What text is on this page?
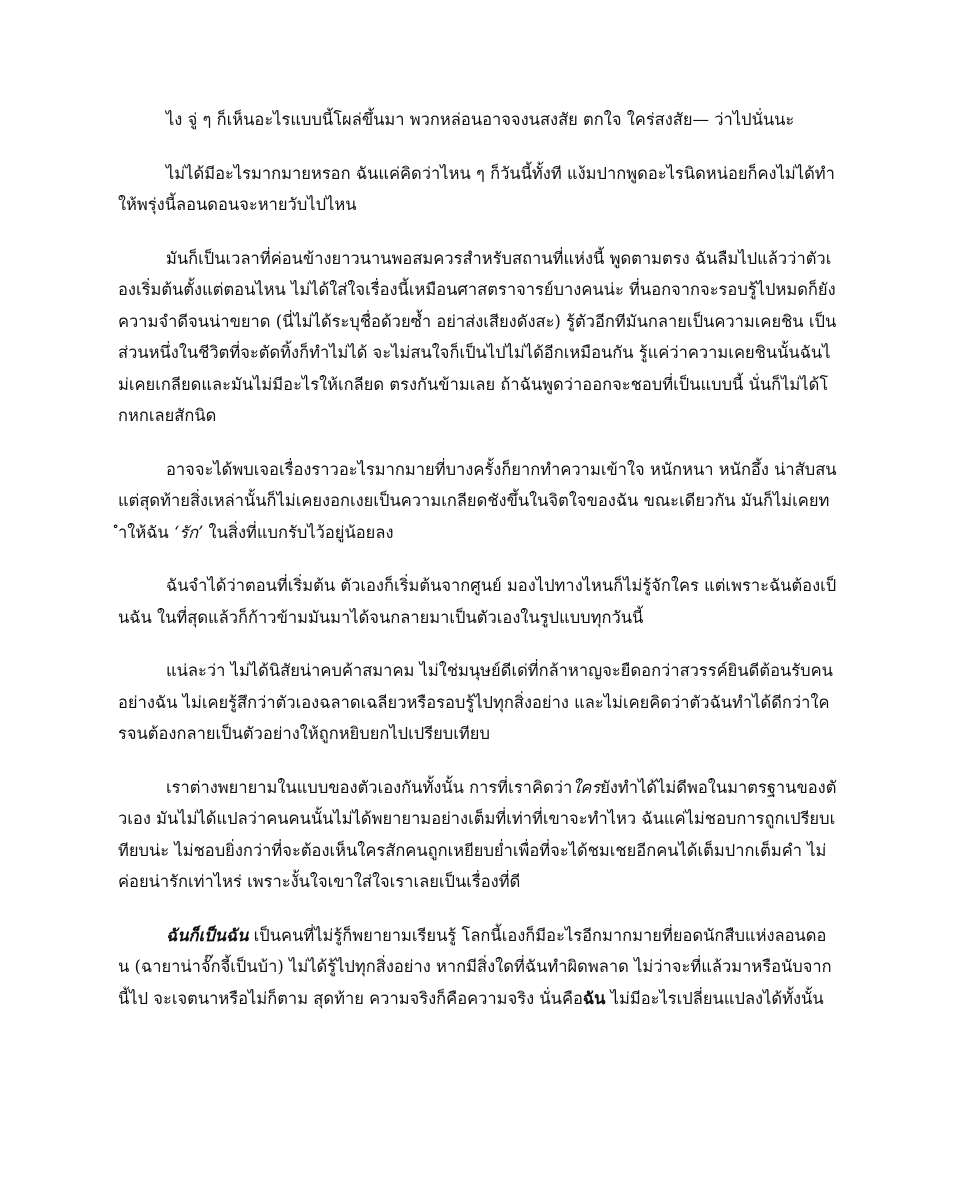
ไง จู่ ๆ ก็เห็นอะไรแบบนี้โผล่ขึ้นมา พวกหล่อนอาจจงนสงสัย ตกใจ ใคร่สงสัย— ว่าไปนั่นนะ

ไม่ได้มีอะไรมากมายหรอก ฉันแค่คิดว่าไหน ๆ ก็วันนี้ทั้งที แง้มปากพูดอะไรนิดหน่อยก็คงไม่ได้ทำให้พรุ่งนี้ลอนดอนจะหายวับไปไหน

มันก็เป็นเวลาที่ค่อนข้างยาวนานพอสมควรสำหรับสถานที่แห่งนี้ พูดตามตรง ฉันลืมไปแล้วว่าตัวเองเริ่มต้นตั้งแต่ตอนไหน ไม่ได้ใส่ใจเรื่องนี้เหมือนศาสตราจารย์บางคนน่ะ ที่นอกจากจะรอบรู้ไปหมดก็ยังความจำดีจนน่าขยาด (นี่ไม่ได้ระบุชื่อด้วยซ้ำ อย่าส่งเสียงดังสะ) รู้ตัวอีกทีมันกลายเป็นความเคยชิน เป็นส่วนหนึ่งในชีวิตที่จะตัดทิ้งก็ทำไม่ได้ จะไม่สนใจก็เป็นไปไม่ได้อีกเหมือนกัน รู้แค่ว่าความเคยชินนั้นฉันไม่เคยเกลียดและมันไม่มีอะไรให้เกลียด ตรงกันข้ามเลย ถ้าฉันพูดว่าออกจะชอบที่เป็นแบบนี้ นั่นก็ไม่ได้โกหกเลยสักนิด

อาจจะได้พบเจอเรื่องราวอะไรมากมายที่บางครั้งก็ยากทำความเข้าใจ หนักหนา หนักอึ้ง น่าสับสน แต่สุดท้ายสิ่งเหล่านั้นก็ไม่เคยงอกเงยเป็นความเกลียดชังขึ้นในจิตใจของฉัน ขณะเดียวกัน มันก็ไม่เคยทำให้ฉัน ‘รัก’ ในสิ่งที่แบกรับไว้อยู่น้อยลง

ฉันจำได้ว่าตอนที่เริ่มต้น ตัวเองก็เริ่มต้นจากศูนย์ มองไปทางไหนก็ไม่รู้จักใคร แต่เพราะฉันต้องเป็นฉัน ในที่สุดแล้วก็ก้าวข้ามมันมาได้จนกลายมาเป็นตัวเองในรูปแบบทุกวันนี้

แน่ละว่า ไม่ได้นิสัยน่าคบค้าสมาคม ไม่ใช่มนุษย์ดีเด่ที่กล้าหาญจะยืดอกว่าสวรรค์ยินดีต้อนรับคนอย่างฉัน ไม่เคยรู้สึกว่าตัวเองฉลาดเฉลียวหรือรอบรู้ไปทุกสิ่งอย่าง และไม่เคยคิดว่าตัวฉันทำได้ดีกว่าใครจนต้องกลายเป็นตัวอย่างให้ถูกหยิบยกไปเปรียบเทียบ

เราต่างพยายามในแบบของตัวเองกันทั้งนั้น การที่เราคิดว่าใครยังทำได้ไม่ดีพอในมาตรฐานของตัวเอง มันไม่ได้แปลว่าคนคนนั้นไม่ได้พยายามอย่างเต็มที่เท่าที่เขาจะทำไหว ฉันแค่ไม่ชอบการถูกเปรียบเทียบน่ะ ไม่ชอบยิ่งกว่าที่จะต้องเห็นใครสักคนถูกเหยียบย่ำเพื่อที่จะได้ชมเชยอีกคนได้เต็มปากเต็มคำ ไม่ค่อยน่ารักเท่าไหร่ เพราะงั้นใจเขาใส่ใจเราเลยเป็นเรื่องที่ดี

ฉันก็เป็นฉัน เป็นคนที่ไม่รู้ก็พยายามเรียนรู้ โลกนี้เองก็มีอะไรอีกมากมายที่ยอดนักสืบแห่งลอนดอน (ฉายาน่าจั๊กจี้เป็นบ้า) ไม่ได้รู้ไปทุกสิ่งอย่าง หากมีสิ่งใดที่ฉันทำผิดพลาด ไม่ว่าจะที่แล้วมาหรือนับจากนี้ไป จะเจตนาหรือไม่ก็ตาม สุดท้าย ความจริงก็คือความจริง นั่นคือฉัน ไม่มีอะไรเปลี่ยนแปลงได้ทั้งนั้น
